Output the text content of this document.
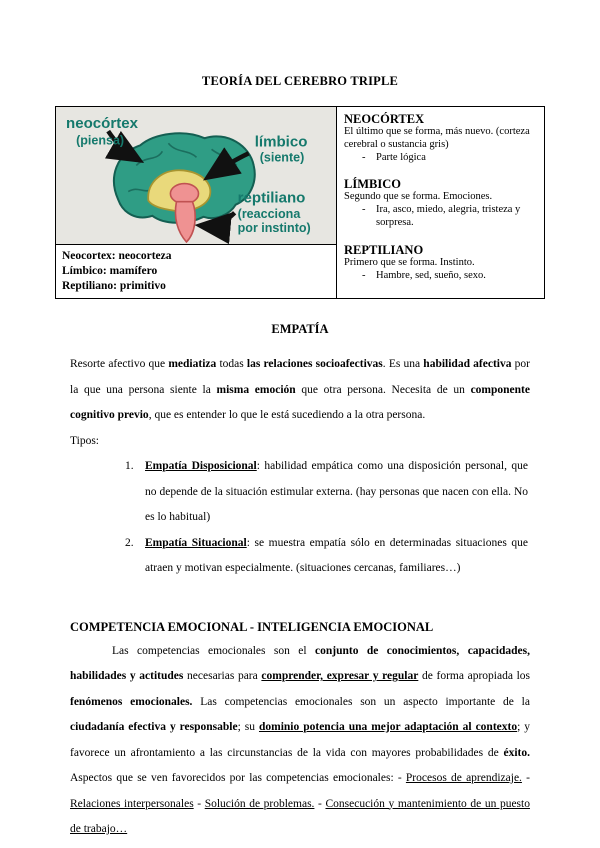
TEORÍA DEL CEREBRO TRIPLE
neocórtex
(piensa)	límbico
(siente)
reptiliano
(reacciona
por instinto)
Neocortex: neocorteza
Límbico: mamífero
Reptiliano: primitivo
NEOCÓRTEX
El último que se forma, más nuevo. (corteza cerebral o sustancia gris)
-	Parte lógica
LÍMBICO
Segundo que se forma. Emociones.
-	Ira, asco, miedo, alegria, tristeza y sorpresa.
REPTILIANO
Primero que se forma. Instinto.
-	Hambre, sed, sueño, sexo.
EMPATÍA

Resorte afectivo que mediatiza todas las relaciones socioafectivas. Es una habilidad afectiva por la que una persona siente la misma emoción que otra persona. Necesita de un componente cognitivo previo, que es entender lo que le está sucediendo a la otra persona.

Tipos:
1. Empatía Disposicional: habilidad empática como una disposición personal, que no depende de la situación estimular externa. (hay personas que nacen con ella. No es lo habitual)
2. Empatía Situacional: se muestra empatía sólo en determinadas situaciones que atraen y motivan especialmente. (situaciones cercanas, familiares…)
COMPETENCIA EMOCIONAL - INTELIGENCIA EMOCIONAL

Las competencias emocionales son el conjunto de conocimientos, capacidades, habilidades y actitudes necesarias para comprender, expresar y regular de forma apropiada los fenómenos emocionales. Las competencias emocionales son un aspecto importante de la ciudadanía efectiva y responsable; su dominio potencia una mejor adaptación al contexto; y favorece un afrontamiento a las circunstancias de la vida con mayores probabilidades de éxito. Aspectos que se ven favorecidos por las competencias emocionales: - Procesos de aprendizaje. - Relaciones interpersonales - Solución de problemas. - Consecución y mantenimiento de un puesto de trabajo…
